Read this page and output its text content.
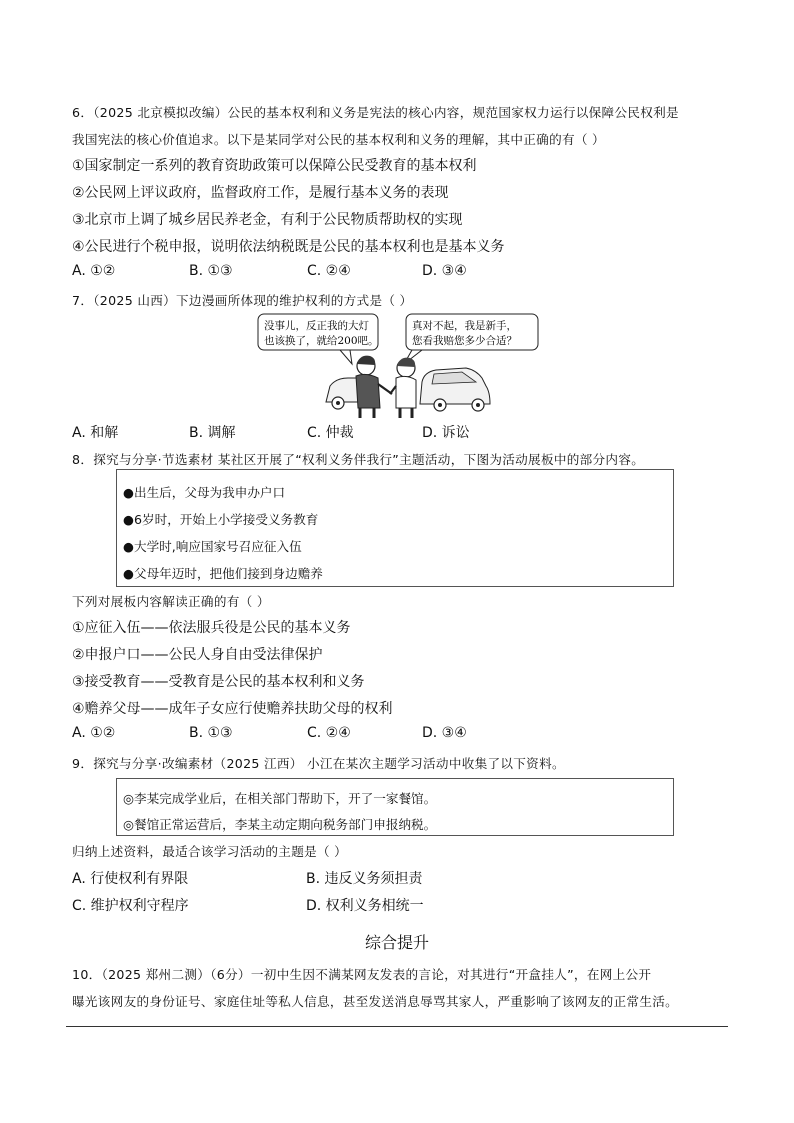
6．（2025 北京模拟改编）公民的基本权利和义务是宪法的核心内容，规范国家权力运行以保障公民权利是
我国宪法的核心价值追求。以下是某同学对公民的基本权利和义务的理解，其中正确的有（ ）
①国家制定一系列的教育资助政策可以保障公民受教育的基本权利
②公民网上评议政府，监督政府工作，是履行基本义务的表现
③北京市上调了城乡居民养老金，有利于公民物质帮助权的实现
④公民进行个税申报，说明依法纳税既是公民的基本权利也是基本义务
A. ①②	B. ①③	C. ②④	D. ③④
7．（2025 山西）下边漫画所体现的维护权利的方式是（ ）
没事儿，反正我的大灯
也该换了，就给200吧。
真对不起，我是新手，
您看我赔您多少合适？
A. 和解	B. 调解	C. 仲裁	D. 诉讼
8．探究与分享·节选素材 某社区开展了“权利义务伴我行”主题活动，下图为活动展板中的部分内容。
●出生后，父母为我申办户口
●6岁时，开始上小学接受义务教育
●大学时,响应国家号召应征入伍
●父母年迈时，把他们接到身边赡养
下列对展板内容解读正确的有（ ）
①应征入伍——依法服兵役是公民的基本义务
②申报户口——公民人身自由受法律保护
③接受教育——受教育是公民的基本权利和义务
④赡养父母——成年子女应行使赡养扶助父母的权利
A. ①②	B. ①③	C. ②④	D. ③④
9．探究与分享·改编素材（2025 江西） 小江在某次主题学习活动中收集了以下资料。
◎李某完成学业后，在相关部门帮助下，开了一家餐馆。
◎餐馆正常运营后，李某主动定期向税务部门申报纳税。
归纳上述资料，最适合该学习活动的主题是（ ）
A. 行使权利有界限	B. 违反义务须担责
C. 维护权利守程序	D. 权利义务相统一
综合提升
10．（2025 郑州二测）（6分）一初中生因不满某网友发表的言论，对其进行“开盒挂人”，在网上公开
曝光该网友的身份证号、家庭住址等私人信息，甚至发送消息辱骂其家人，严重影响了该网友的正常生活。
